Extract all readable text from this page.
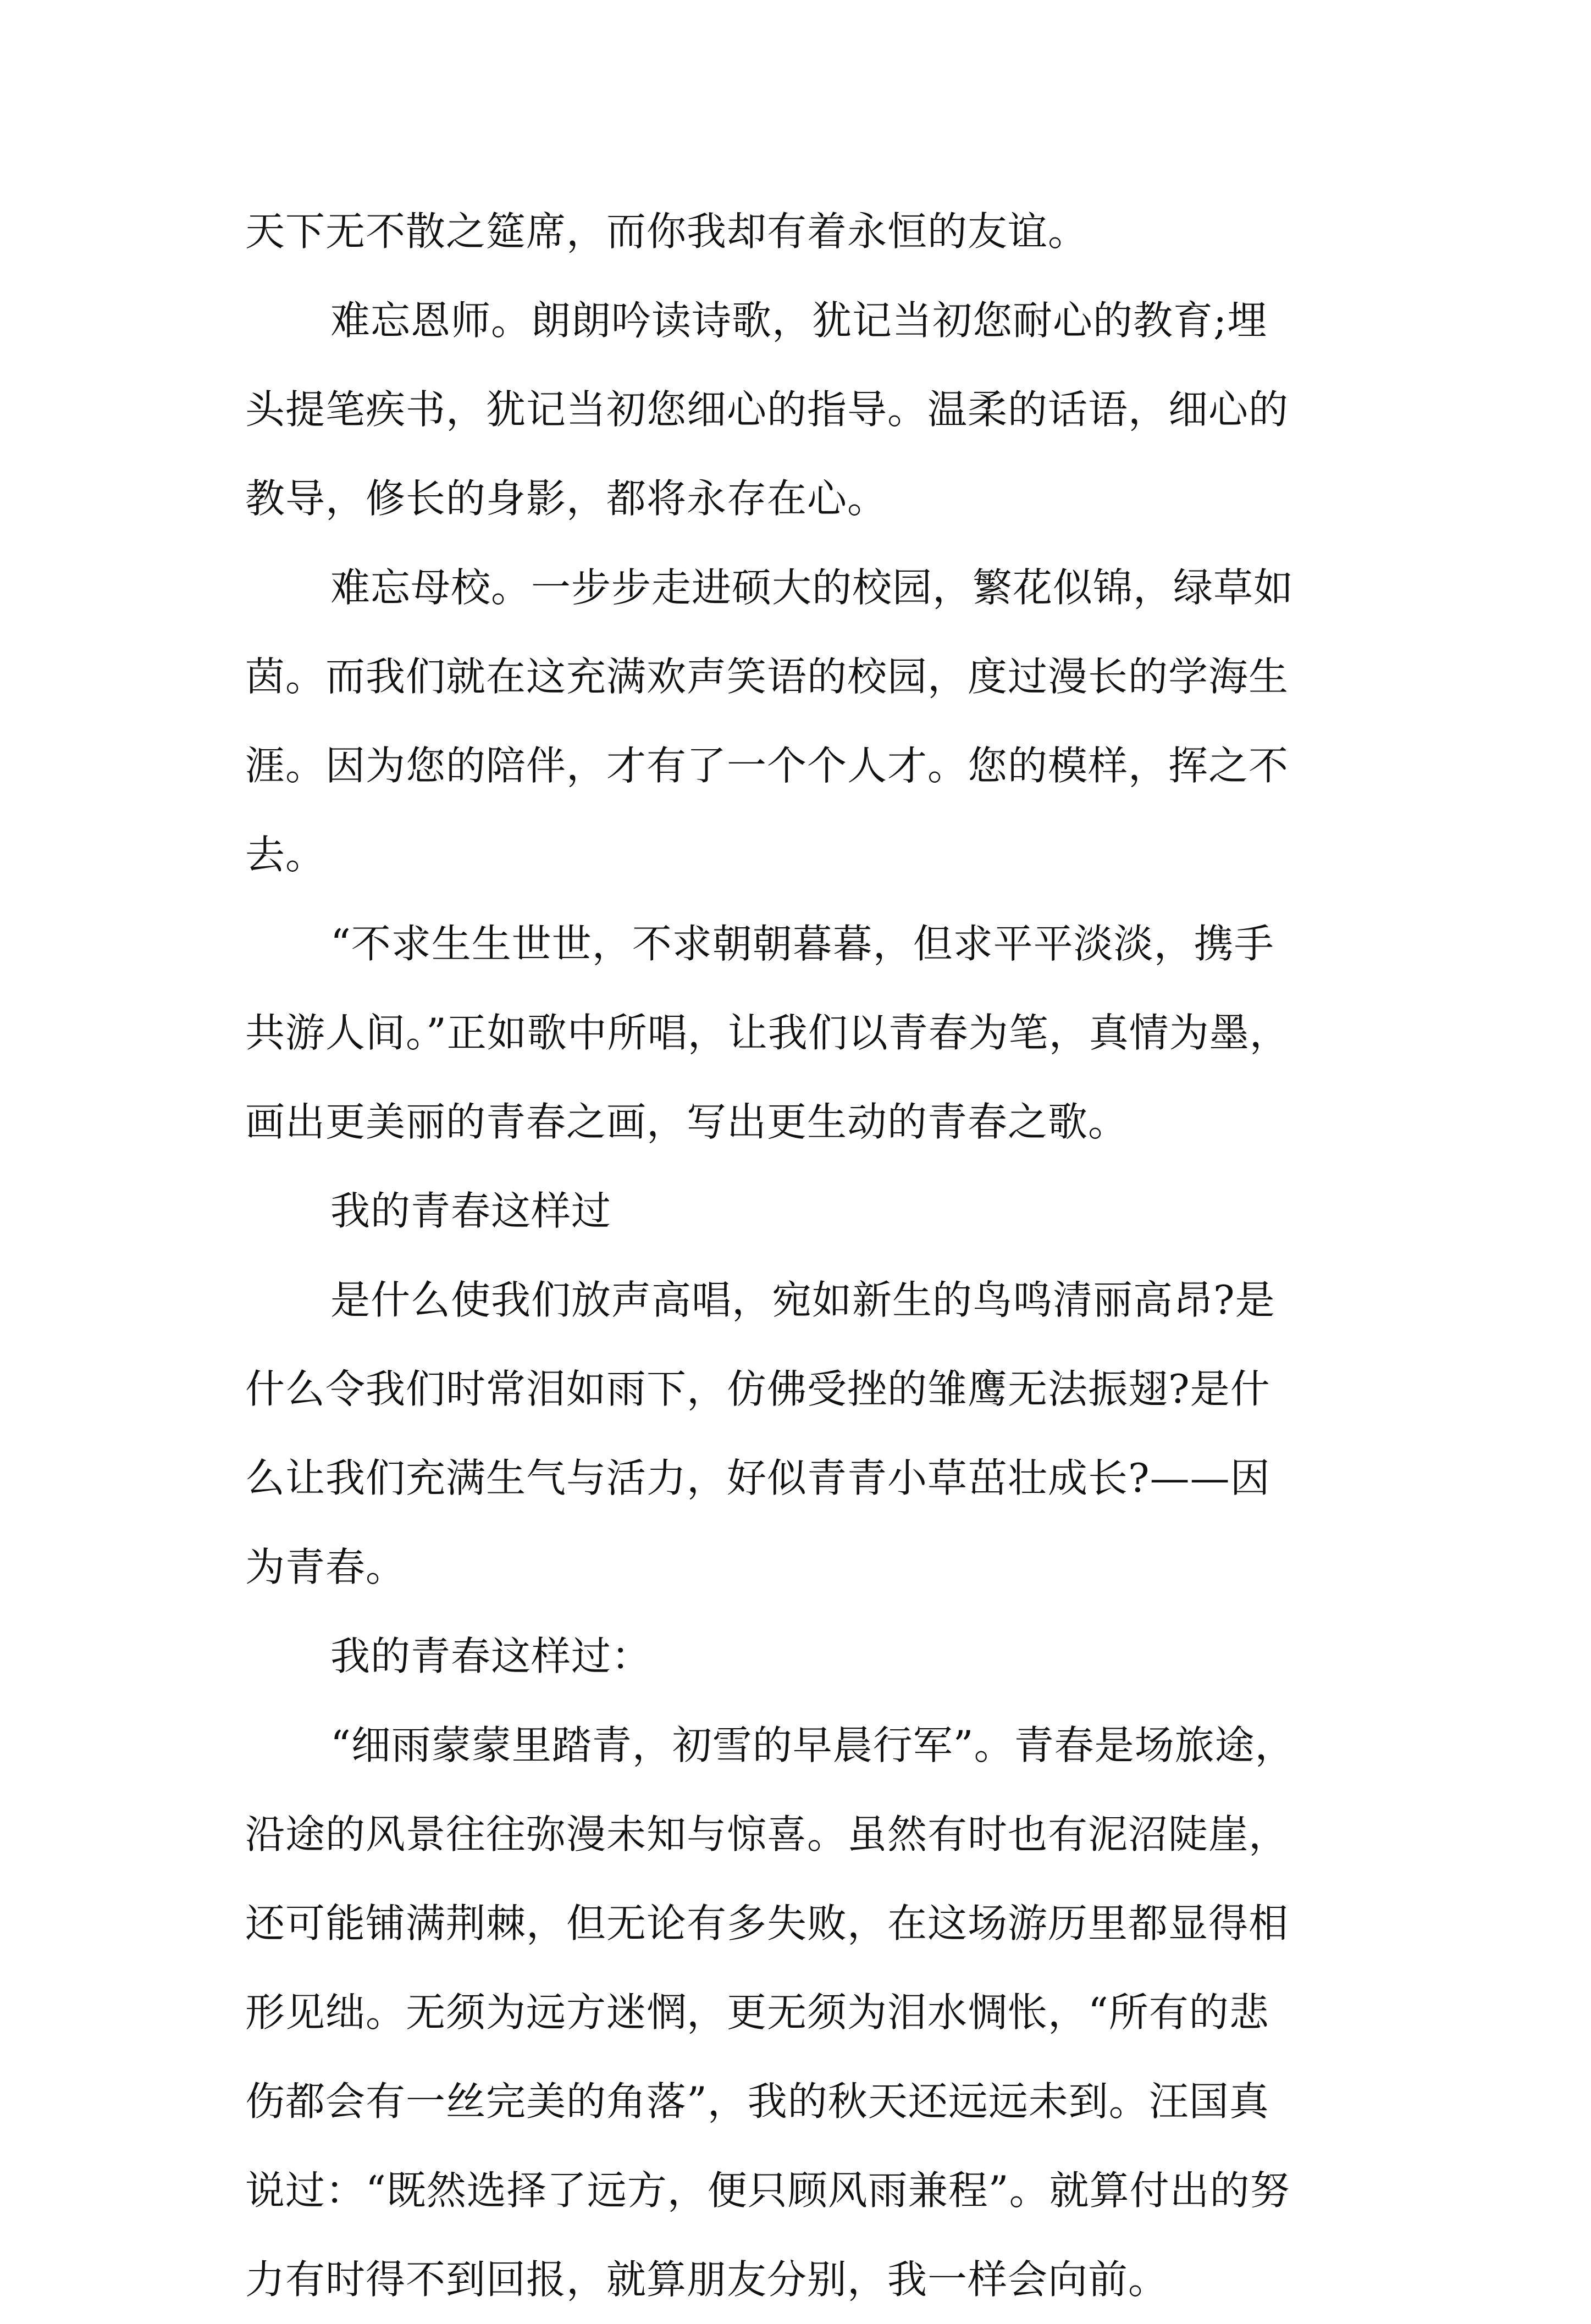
天下无不散之筵席，而你我却有着永恒的友谊。
难忘恩师。朗朗吟读诗歌，犹记当初您耐心的教育;埋
头提笔疾书，犹记当初您细心的指导。温柔的话语，细心的
教导，修长的身影，都将永存在心。
难忘母校。一步步走进硕大的校园，繁花似锦，绿草如
茵。而我们就在这充满欢声笑语的校园，度过漫长的学海生
涯。因为您的陪伴，才有了一个个人才。您的模样，挥之不
去。
“不求生生世世，不求朝朝暮暮，但求平平淡淡，携手
共游人间。”正如歌中所唱，让我们以青春为笔，真情为墨，
画出更美丽的青春之画，写出更生动的青春之歌。
我的青春这样过
是什么使我们放声高唱，宛如新生的鸟鸣清丽高昂?是
什么令我们时常泪如雨下，仿佛受挫的雏鹰无法振翅?是什
么让我们充满生气与活力，好似青青小草茁壮成长?——因
为青春。
我的青春这样过：
“细雨蒙蒙里踏青，初雪的早晨行军”。青春是场旅途，
沿途的风景往往弥漫未知与惊喜。虽然有时也有泥沼陡崖，
还可能铺满荆棘，但无论有多失败，在这场游历里都显得相
形见绌。无须为远方迷惘，更无须为泪水惆怅，“所有的悲
伤都会有一丝完美的角落”，我的秋天还远远未到。汪国真
说过：“既然选择了远方，便只顾风雨兼程”。就算付出的努
力有时得不到回报，就算朋友分别，我一样会向前。
